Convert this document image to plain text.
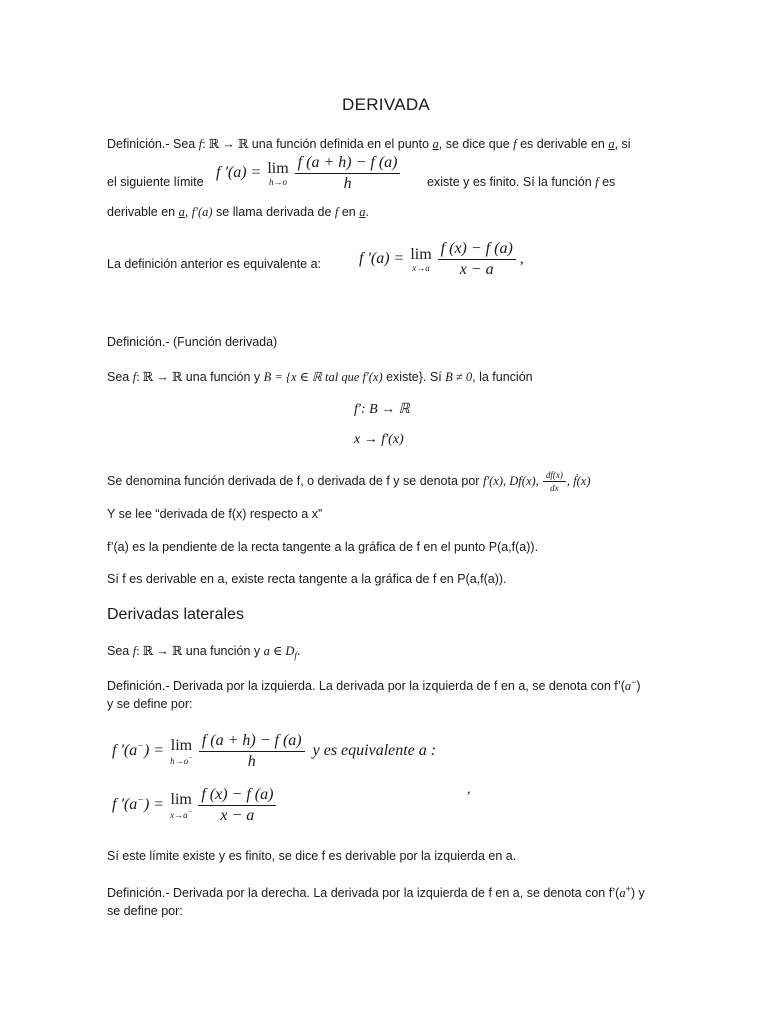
DERIVADA
Definición.- Sea f: ℝ → ℝ una función definida en el punto a, se dice que f es derivable en a, si
el siguiente límite
f '(a) = lim
$h\to o \frac{f (a + h) - f (a)}{h}$ existe y es finito. Sí la función f es
derivable en a, f′(a) se llama derivada de f en a.
La definición anterior es equivalente a: f '(a) = lim
$x\to a \frac{f (x) - f (a)}{x - a}$ ,
Definición.- (Función derivada)
Sea f: ℝ → ℝ una función y B = {x ∈ ℝ tal que f′(x) existe}. Sí B ≠ 0, la función
f′: B → ℝ
x → f′(x)
Se denomina función derivada de f, o derivada de f y se denota por f′(x), Df(x), $\frac{df(x)}{dx}$ , ḟ(x)
Y se lee “derivada de f(x) respecto a x”
f’(a) es la pendiente de la recta tangente a la gráfica de f en el punto P(a,f(a)).
Sí f es derivable en a, existe recta tangente a la gráfica de f en P(a,f(a)).
Derivadas laterales
Sea f: ℝ → ℝ una función y a ∈ $D_f$.
Definición.- Derivada por la izquierda. La derivada por la izquierda de f en a, se denota con f’(a−)
y se define por:
f '(a−) = lim
$h\to o^- \frac{f (a + h) - f (a)}{h}$ y es equivalente a :
f '(a−) = lim
$x\to a^- \frac{f (x) - f (a)}{x - a}$	,
Sí este límite existe y es finito, se dice f es derivable por la izquierda en a.
Definición.- Derivada por la derecha. La derivada por la izquierda de f en a, se denota con f’(a+) y
se define por:
